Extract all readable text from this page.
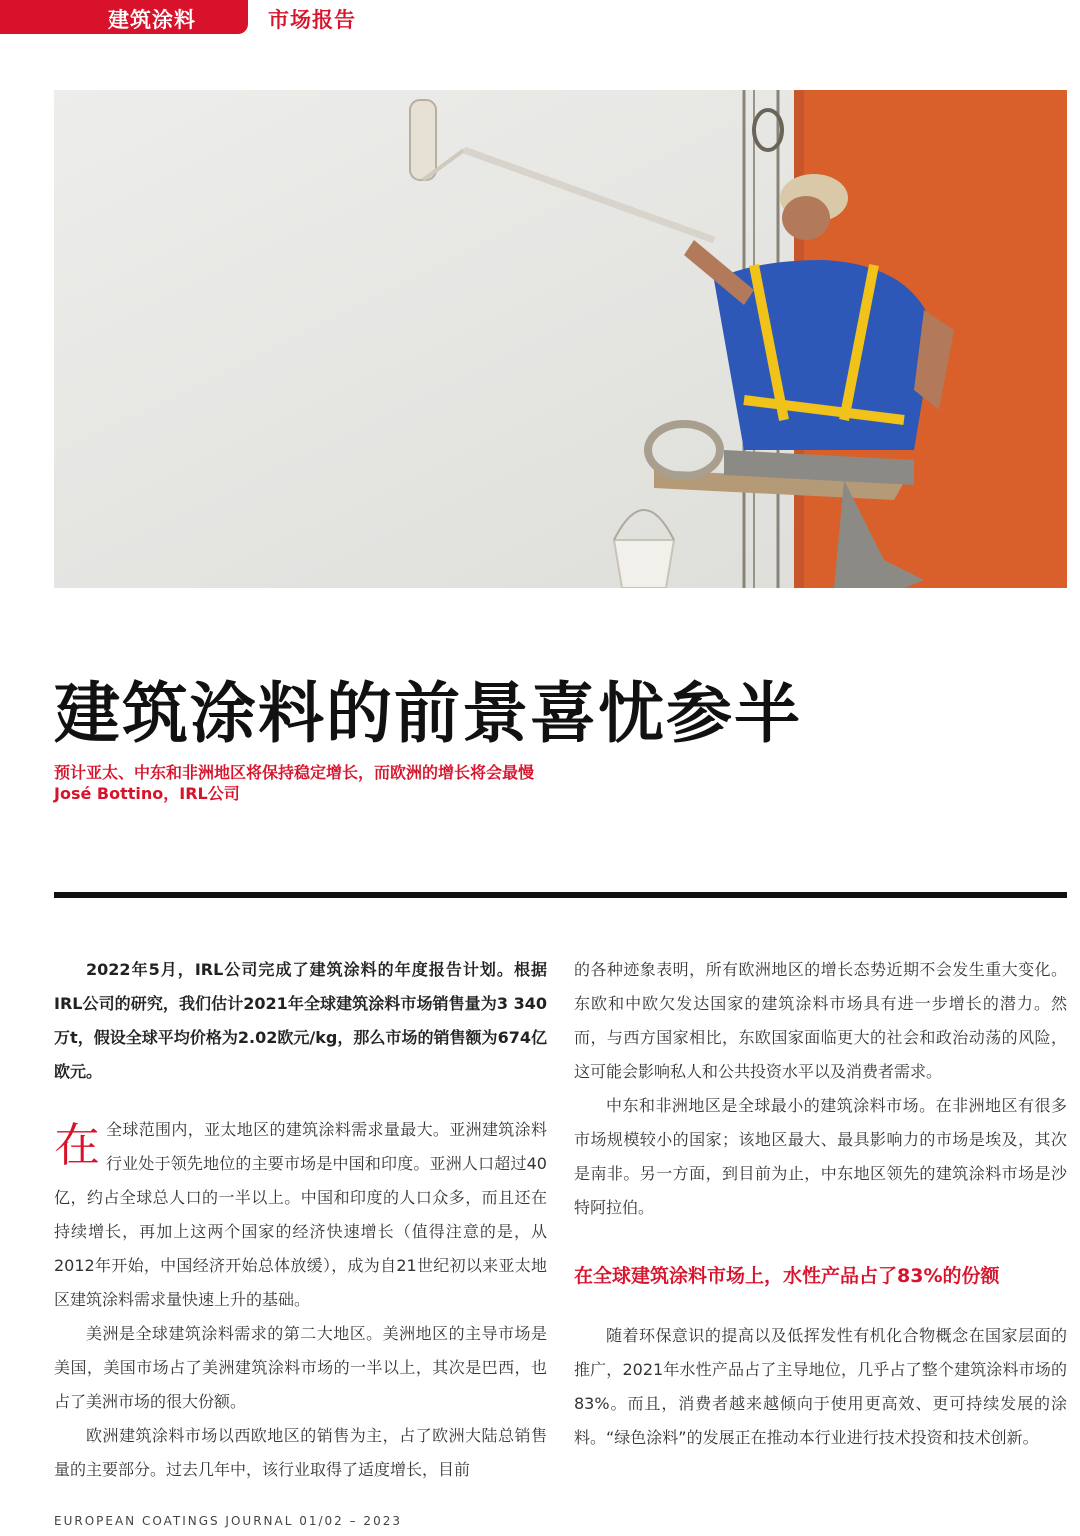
建筑涂料	市场报告
建筑涂料的前景喜忧参半
预计亚太、中东和非洲地区将保持稳定增长，而欧洲的增长将会最慢
José Bottino，IRL公司

2022年5月，IRL公司完成了建筑涂料的年度报告计划。根据IRL公司的研究，我们估计2021年全球建筑涂料市场销售量为3 340万t，假设全球平均价格为2.02欧元/kg，那么市场的销售额为674亿欧元。

在全球范围内，亚太地区的建筑涂料需求量最大。亚洲建筑涂料行业处于领先地位的主要市场是中国和印度。亚洲人口超过40亿，约占全球总人口的一半以上。中国和印度的人口众多，而且还在持续增长，再加上这两个国家的经济快速增长（值得注意的是，从2012年开始，中国经济开始总体放缓），成为自21世纪初以来亚太地区建筑涂料需求量快速上升的基础。

美洲是全球建筑涂料需求的第二大地区。美洲地区的主导市场是美国，美国市场占了美洲建筑涂料市场的一半以上，其次是巴西，也占了美洲市场的很大份额。

欧洲建筑涂料市场以西欧地区的销售为主，占了欧洲大陆总销售量的主要部分。过去几年中，该行业取得了适度增长，目前

的各种迹象表明，所有欧洲地区的增长态势近期不会发生重大变化。东欧和中欧欠发达国家的建筑涂料市场具有进一步增长的潜力。然而，与西方国家相比，东欧国家面临更大的社会和政治动荡的风险，这可能会影响私人和公共投资水平以及消费者需求。

中东和非洲地区是全球最小的建筑涂料市场。在非洲地区有很多市场规模较小的国家；该地区最大、最具影响力的市场是埃及，其次是南非。另一方面，到目前为止，中东地区领先的建筑涂料市场是沙特阿拉伯。

在全球建筑涂料市场上，水性产品占了83%的份额

随着环保意识的提高以及低挥发性有机化合物概念在国家层面的推广，2021年水性产品占了主导地位，几乎占了整个建筑涂料市场的83%。而且，消费者越来越倾向于使用更高效、更可持续发展的涂料。“绿色涂料”的发展正在推动本行业进行技术投资和技术创新。

EUROPEAN COATINGS JOURNAL 01/02 – 2023
